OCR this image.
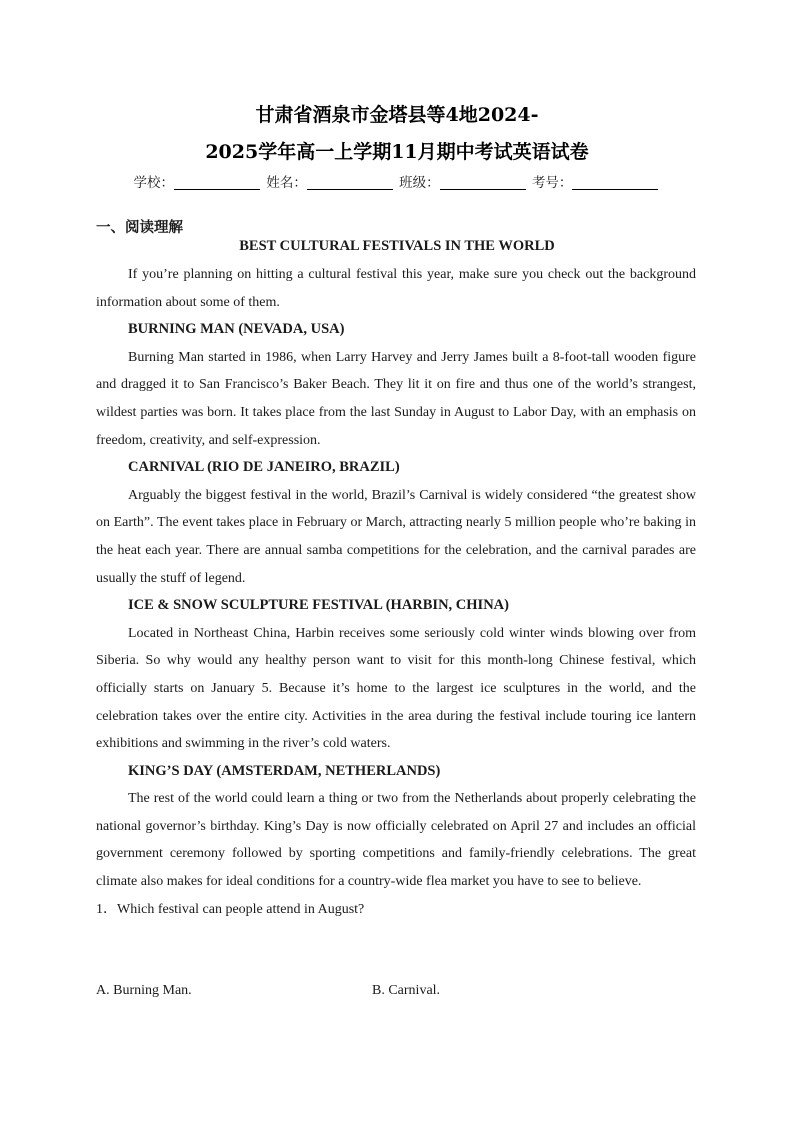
甘肃省酒泉市金塔县等4地2024-
2025学年高一上学期11月期中考试英语试卷
学校：	姓名：	班级：	考号：
一、阅读理解
BEST CULTURAL FESTIVALS IN THE WORLD

If you’re planning on hitting a cultural festival this year, make sure you check out the background information about some of them.

BURNING MAN (NEVADA, USA)

Burning Man started in 1986, when Larry Harvey and Jerry James built a 8-foot-tall wooden figure and dragged it to San Francisco’s Baker Beach. They lit it on fire and thus one of the world’s strangest, wildest parties was born. It takes place from the last Sunday in August to Labor Day, with an emphasis on freedom, creativity, and self-expression.

CARNIVAL (RIO DE JANEIRO, BRAZIL)

Arguably the biggest festival in the world, Brazil’s Carnival is widely considered “the greatest show on Earth”. The event takes place in February or March, attracting nearly 5 million people who’re baking in the heat each year. There are annual samba competitions for the celebration, and the carnival parades are usually the stuff of legend.

ICE & SNOW SCULPTURE FESTIVAL (HARBIN, CHINA)

Located in Northeast China, Harbin receives some seriously cold winter winds blowing over from Siberia. So why would any healthy person want to visit for this month-long Chinese festival, which officially starts on January 5. Because it’s home to the largest ice sculptures in the world, and the celebration takes over the entire city. Activities in the area during the festival include touring ice lantern exhibitions and swimming in the river’s cold waters.

KING’S DAY (AMSTERDAM, NETHERLANDS)

The rest of the world could learn a thing or two from the Netherlands about properly celebrating the national governor’s birthday. King’s Day is now officially celebrated on April 27 and includes an official government ceremony followed by sporting competitions and family-friendly celebrations. The great climate also makes for ideal conditions for a country-wide flea market you have to see to believe.

1．Which festival can people attend in August?

A. Burning Man.	B. Carnival.
